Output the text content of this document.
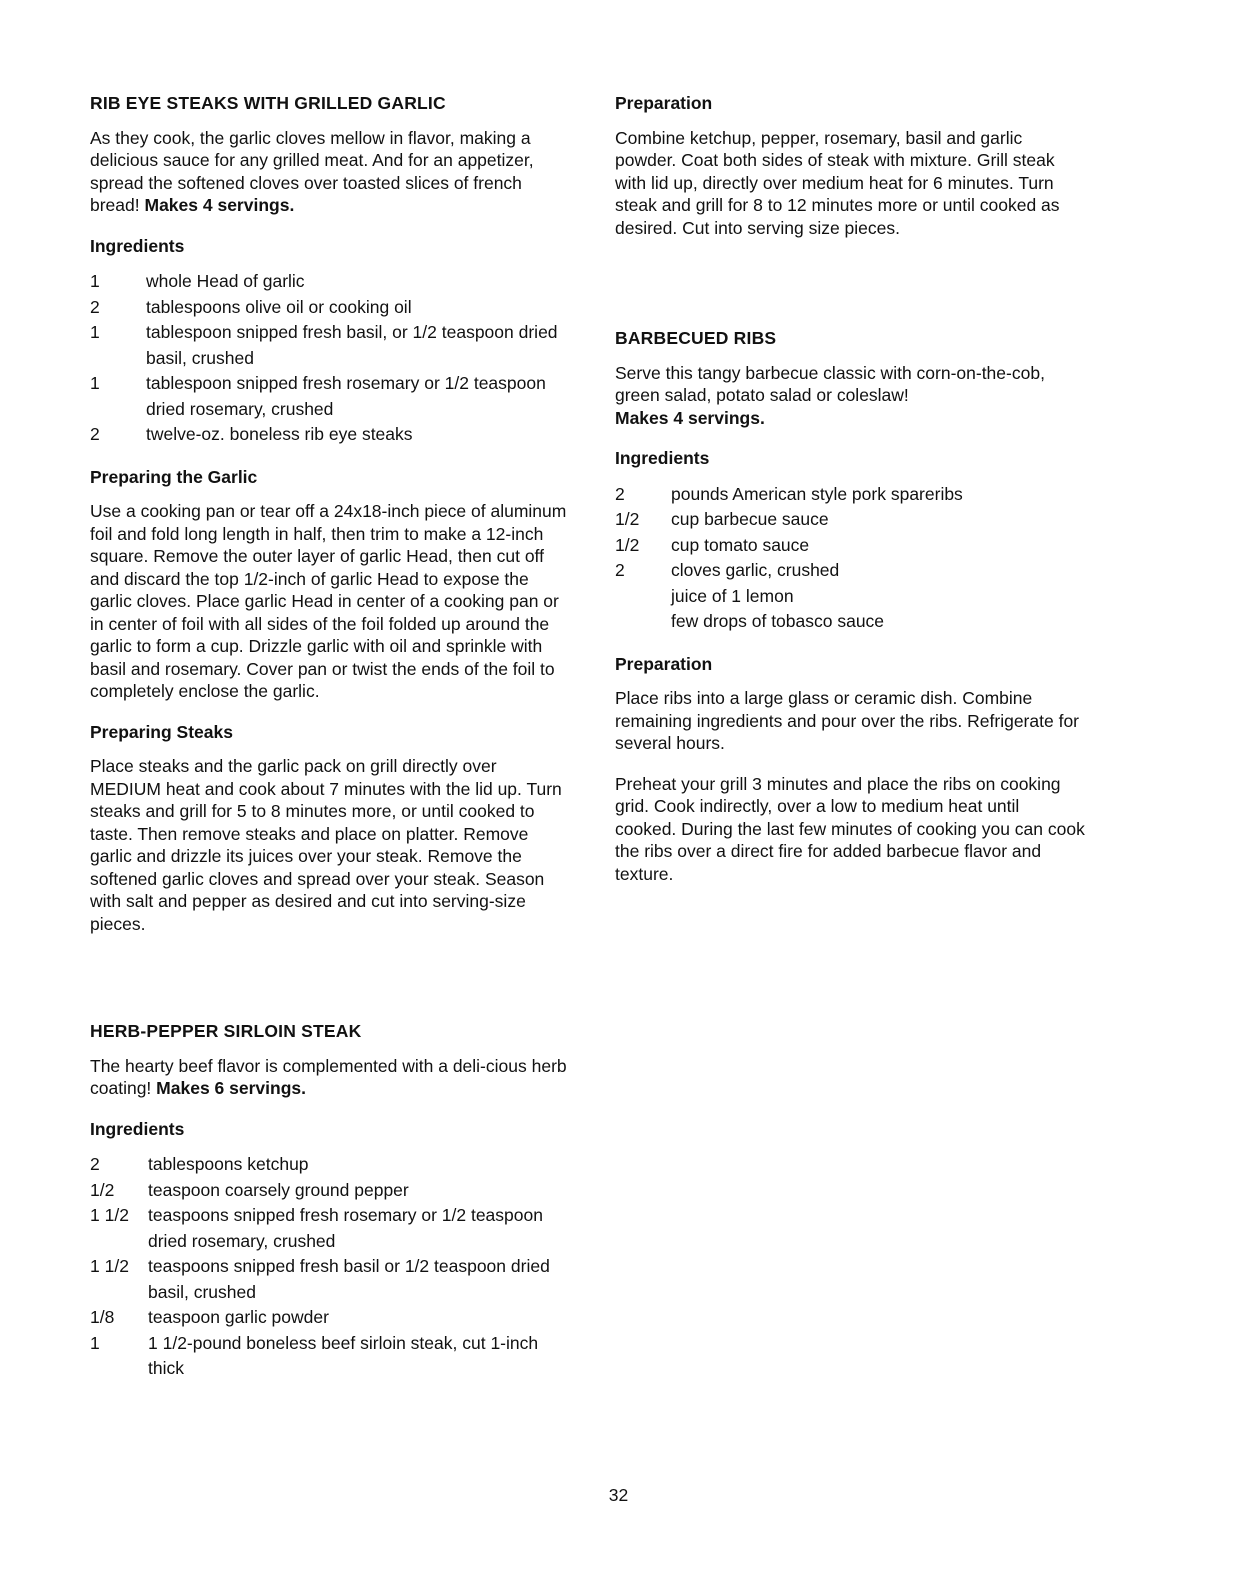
RIB EYE STEAKS WITH GRILLED GARLIC

As they cook, the garlic cloves mellow in flavor, making a delicious sauce for any grilled meat. And for an appetizer, spread the softened cloves over toasted slices of french bread! Makes 4 servings.

Ingredients
1	whole Head of garlic
2	tablespoons olive oil or cooking oil
1	tablespoon snipped fresh basil, or 1/2 teaspoon dried basil, crushed
1	tablespoon snipped fresh rosemary or 1/2 teaspoon dried rosemary, crushed
2	twelve-oz. boneless rib eye steaks
Preparing the Garlic

Use a cooking pan or tear off a 24x18-inch piece of aluminum foil and fold long length in half, then trim to make a 12-inch square. Remove the outer layer of garlic Head, then cut off and discard the top 1/2-inch of garlic Head to expose the garlic cloves. Place garlic Head in center of a cooking pan or in center of foil with all sides of the foil folded up around the garlic to form a cup. Drizzle garlic with oil and sprinkle with basil and rosemary. Cover pan or twist the ends of the foil to completely enclose the garlic.

Preparing Steaks

Place steaks and the garlic pack on grill directly over MEDIUM heat and cook about 7 minutes with the lid up. Turn steaks and grill for 5 to 8 minutes more, or until cooked to taste. Then remove steaks and place on platter. Remove garlic and drizzle its juices over your steak. Remove the softened garlic cloves and spread over your steak. Season with salt and pepper as desired and cut into serving-size pieces.

HERB-PEPPER SIRLOIN STEAK

The hearty beef flavor is complemented with a deli-cious herb coating! Makes 6 servings.

Ingredients
2	tablespoons ketchup
1/2	teaspoon coarsely ground pepper
1 1/2	teaspoons snipped fresh rosemary or 1/2 teaspoon dried rosemary, crushed
1 1/2	teaspoons snipped fresh basil or 1/2 teaspoon dried basil, crushed
1/8	teaspoon garlic powder
1	1 1/2-pound boneless beef sirloin steak, cut 1-inch thick
Preparation

Combine ketchup, pepper, rosemary, basil and garlic powder. Coat both sides of steak with mixture. Grill steak with lid up, directly over medium heat for 6 minutes. Turn steak and grill for 8 to 12 minutes more or until cooked as desired. Cut into serving size pieces.

BARBECUED RIBS

Serve this tangy barbecue classic with corn-on-the-cob, green salad, potato salad or coleslaw!
Makes 4 servings.

Ingredients
2	pounds American style pork spareribs
1/2	cup barbecue sauce
1/2	cup tomato sauce
2	cloves garlic, crushed
juice of 1 lemon
few drops of tobasco sauce
Preparation

Place ribs into a large glass or ceramic dish. Combine remaining ingredients and pour over the ribs. Refrigerate for several hours.

Preheat your grill 3 minutes and place the ribs on cooking grid. Cook indirectly, over a low to medium heat until cooked. During the last few minutes of cooking you can cook the ribs over a direct fire for added barbecue flavor and texture.

32
